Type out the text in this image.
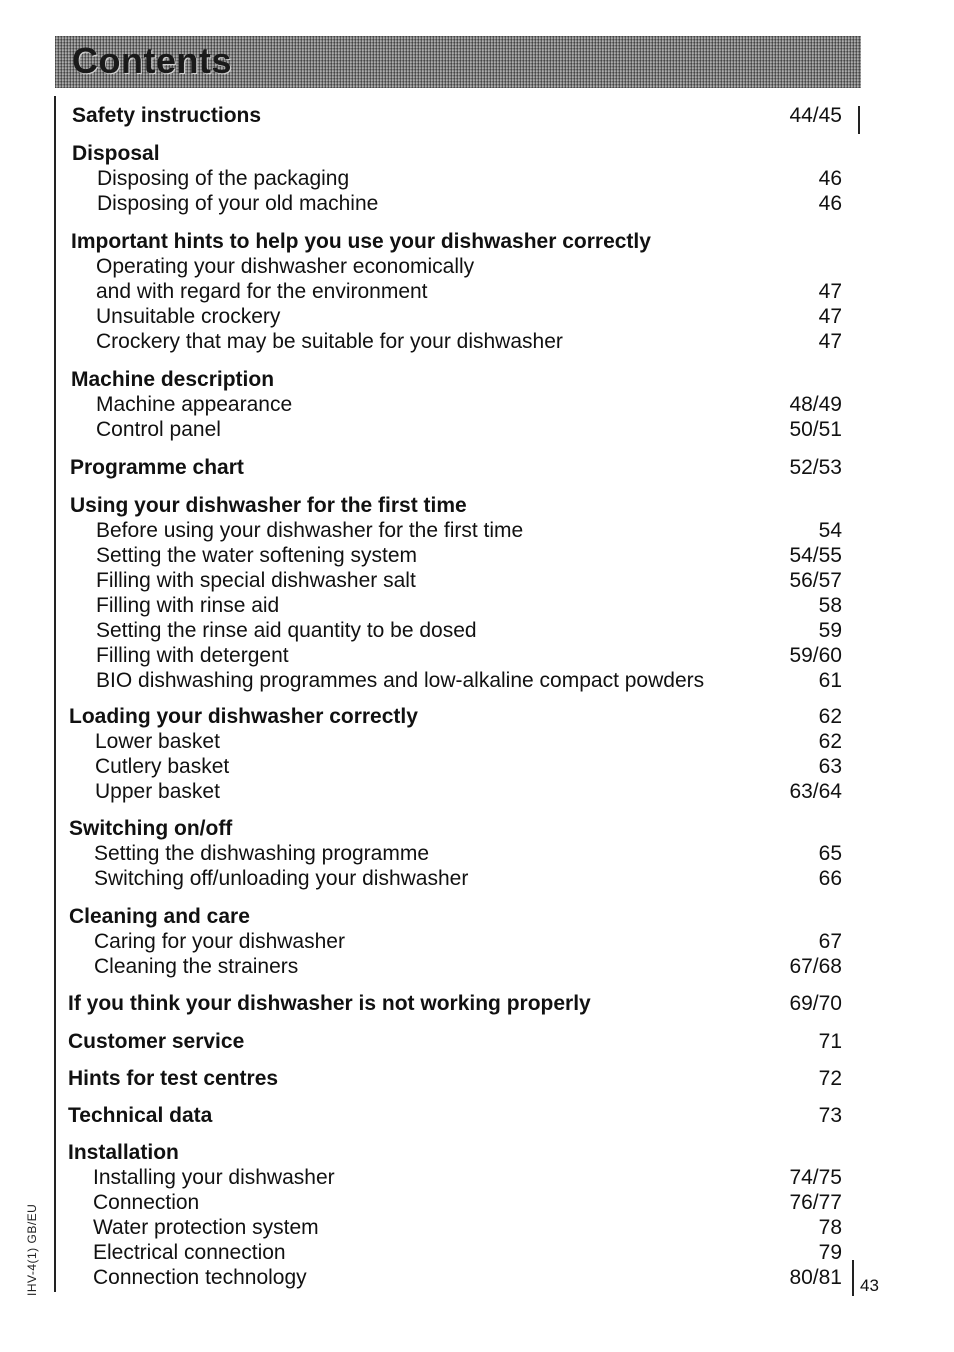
Contents
Safety instructions	44/45
Disposal
Disposing of the packaging	46
Disposing of your old machine	46
Important hints to help you use your dishwasher correctly
Operating your dishwasher economically
and with regard for the environment	47
Unsuitable crockery	47
Crockery that may be suitable for your dishwasher	47
Machine description
Machine appearance	48/49
Control panel	50/51
Programme chart	52/53
Using your dishwasher for the first time
Before using your dishwasher for the first time	54
Setting the water softening system	54/55
Filling with special dishwasher salt	56/57
Filling with rinse aid	58
Setting the rinse aid quantity to be dosed	59
Filling with detergent	59/60
BIO dishwashing programmes and low-alkaline compact powders	61
Loading your dishwasher correctly	62
Lower basket	62
Cutlery basket	63
Upper basket	63/64
Switching on/off
Setting the dishwashing programme	65
Switching off/unloading your dishwasher	66
Cleaning and care
Caring for your dishwasher	67
Cleaning the strainers	67/68
If you think your dishwasher is not working properly	69/70
Customer service	71
Hints for test centres	72
Technical data	73
Installation
Installing your dishwasher	74/75
Connection	76/77
Water protection system	78
Electrical connection	79
Connection technology	80/81 43
IHV-4(1) GB/EU
